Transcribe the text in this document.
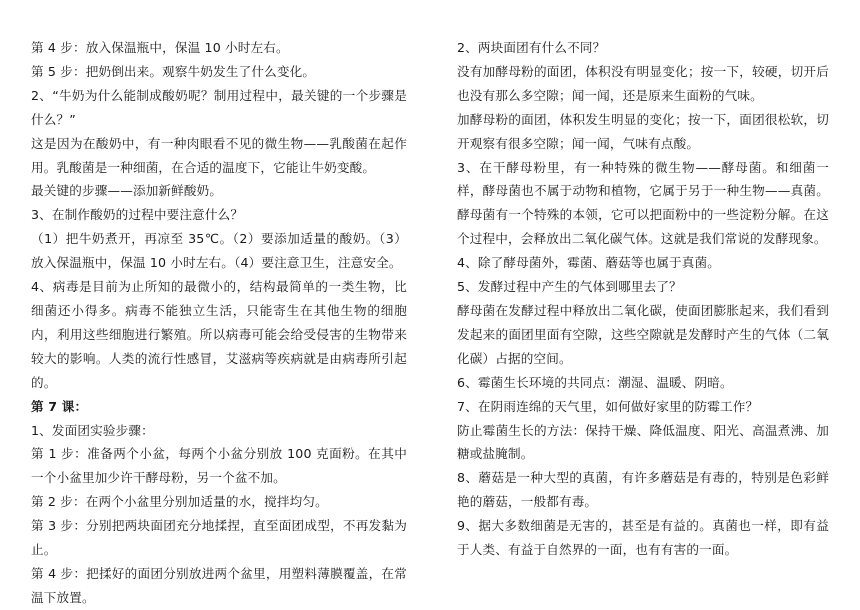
第 4 步：放入保温瓶中，保温 10 小时左右。

第 5 步：把奶倒出来。观察牛奶发生了什么变化。

2、“牛奶为什么能制成酸奶呢？制用过程中，最关键的一个步骤是什么？”

这是因为在酸奶中，有一种肉眼看不见的微生物——乳酸菌在起作用。乳酸菌是一种细菌，在合适的温度下，它能让牛奶变酸。

最关键的步骤——添加新鲜酸奶。

3、在制作酸奶的过程中要注意什么？

（1）把牛奶煮开，再凉至 35℃。（2）要添加适量的酸奶。（3）放入保温瓶中，保温 10 小时左右。（4）要注意卫生，注意安全。

4、病毒是目前为止所知的最微小的，结构最简单的一类生物，比细菌还小得多。病毒不能独立生活，只能寄生在其他生物的细胞内，利用这些细胞进行繁殖。所以病毒可能会给受侵害的生物带来较大的影响。人类的流行性感冒，艾滋病等疾病就是由病毒所引起的。

第 7 课：

1、发面团实验步骤：

第 1 步：准备两个小盆，每两个小盆分别放 100 克面粉。在其中一个小盆里加少许干酵母粉，另一个盆不加。

第 2 步：在两个小盆里分别加适量的水，搅拌均匀。

第 3 步：分别把两块面团充分地揉捏，直至面团成型，不再发黏为止。

第 4 步：把揉好的面团分别放进两个盆里，用塑料薄膜覆盖，在常温下放置。

2、两块面团有什么不同？

没有加酵母粉的面团，体积没有明显变化；按一下，较硬，切开后也没有那么多空隙；闻一闻，还是原来生面粉的气味。

加酵母粉的面团，体积发生明显的变化；按一下，面团很松软，切开观察有很多空隙；闻一闻，气味有点酸。

3、在干酵母粉里，有一种特殊的微生物——酵母菌。和细菌一样，酵母菌也不属于动物和植物，它属于另于一种生物——真菌。酵母菌有一个特殊的本领，它可以把面粉中的一些淀粉分解。在这个过程中，会释放出二氧化碳气体。这就是我们常说的发酵现象。

4、除了酵母菌外，霉菌、蘑菇等也属于真菌。

5、发酵过程中产生的气体到哪里去了？

酵母菌在发酵过程中释放出二氧化碳，使面团膨胀起来，我们看到发起来的面团里面有空隙，这些空隙就是发酵时产生的气体（二氧化碳）占据的空间。

6、霉菌生长环境的共同点：潮湿、温暖、阴暗。

7、在阴雨连绵的天气里，如何做好家里的防霉工作？

防止霉菌生长的方法：保持干燥、降低温度、阳光、高温煮沸、加糖或盐腌制。

8、蘑菇是一种大型的真菌，有许多蘑菇是有毒的，特别是色彩鲜艳的蘑菇，一般都有毒。

9、据大多数细菌是无害的，甚至是有益的。真菌也一样，即有益于人类、有益于自然界的一面，也有有害的一面。
